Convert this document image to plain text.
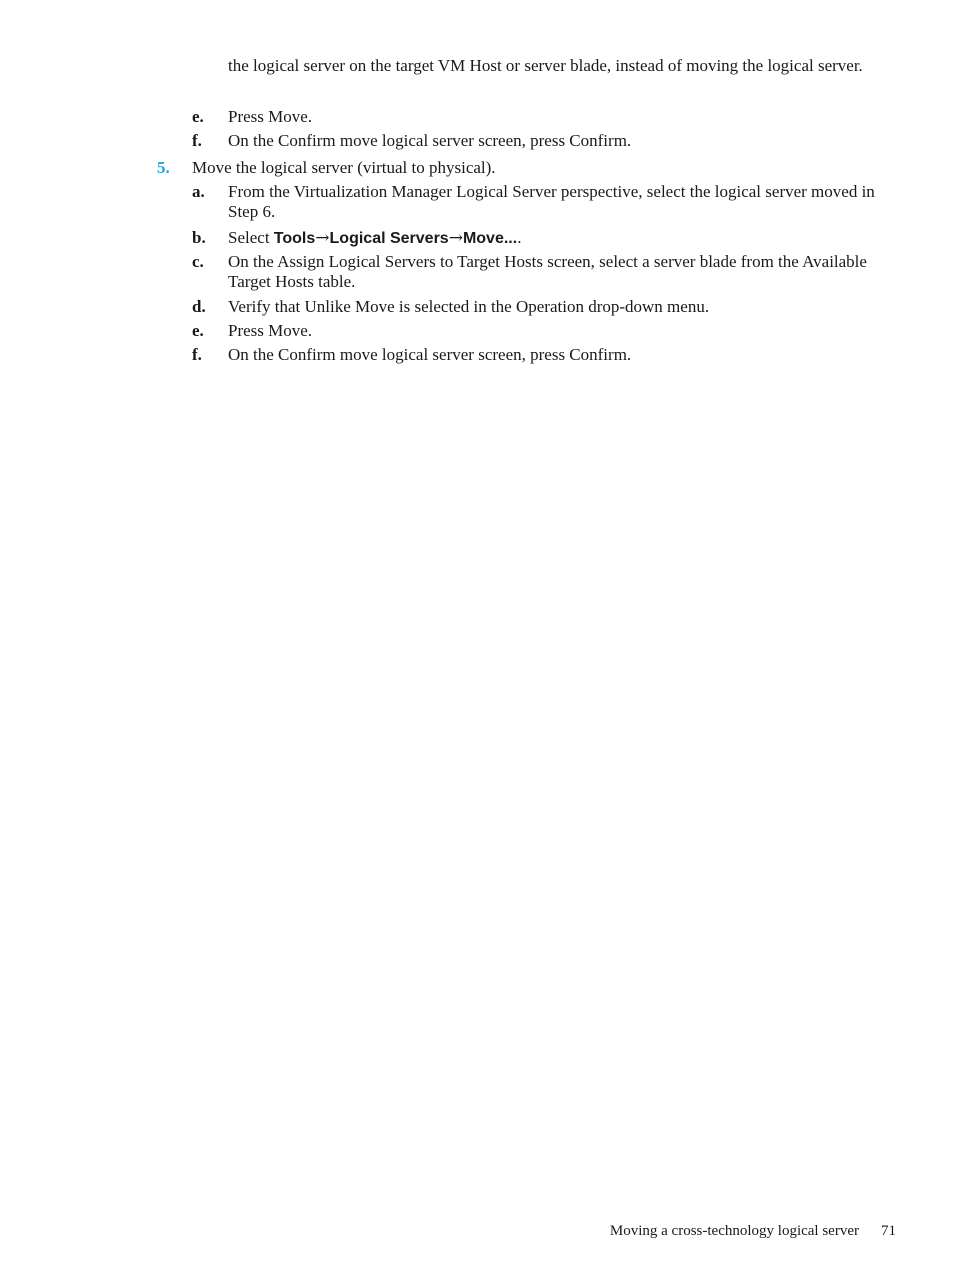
the logical server on the target VM Host or server blade, instead of moving the logical server.
e.	Press Move.
f.	On the Confirm move logical server screen, press Confirm.
5. Move the logical server (virtual to physical).
a.	From the Virtualization Manager Logical Server perspective, select the logical server moved in Step 6.
b.	Select Tools→Logical Servers→Move....
c.	On the Assign Logical Servers to Target Hosts screen, select a server blade from the Available Target Hosts table.
d.	Verify that Unlike Move is selected in the Operation drop-down menu.
e.	Press Move.
f.	On the Confirm move logical server screen, press Confirm.
Moving a cross-technology logical server 71
